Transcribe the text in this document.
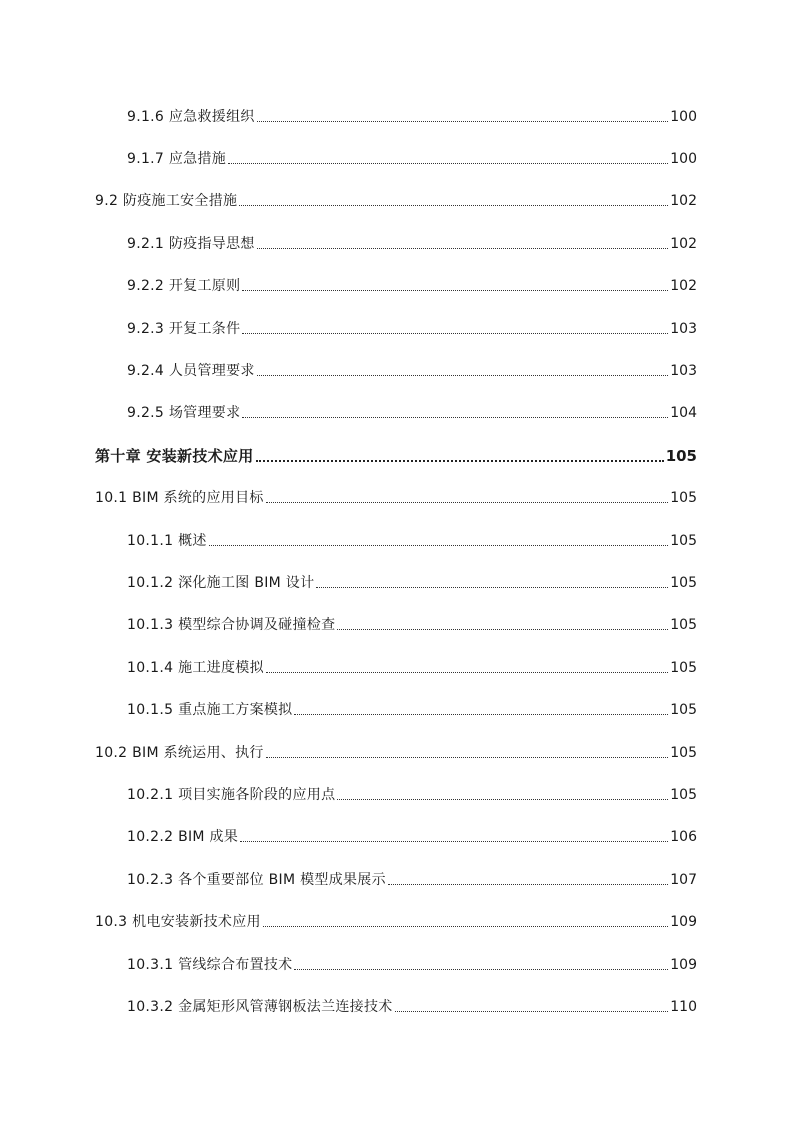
9.1.6 应急救援组织	100
9.1.7 应急措施	100
9.2 防疫施工安全措施	102
9.2.1 防疫指导思想	102
9.2.2 开复工原则	102
9.2.3 开复工条件	103
9.2.4 人员管理要求	103
9.2.5 场管理要求	104
第十章 安装新技术应用	105
10.1 BIM 系统的应用目标	105
10.1.1 概述	105
10.1.2 深化施工图 BIM 设计	105
10.1.3 模型综合协调及碰撞检查	105
10.1.4 施工进度模拟	105
10.1.5 重点施工方案模拟	105
10.2 BIM 系统运用、执行	105
10.2.1 项目实施各阶段的应用点	105
10.2.2 BIM 成果	106
10.2.3 各个重要部位 BIM 模型成果展示	107
10.3 机电安装新技术应用	109
10.3.1 管线综合布置技术	109
10.3.2 金属矩形风管薄钢板法兰连接技术	110
